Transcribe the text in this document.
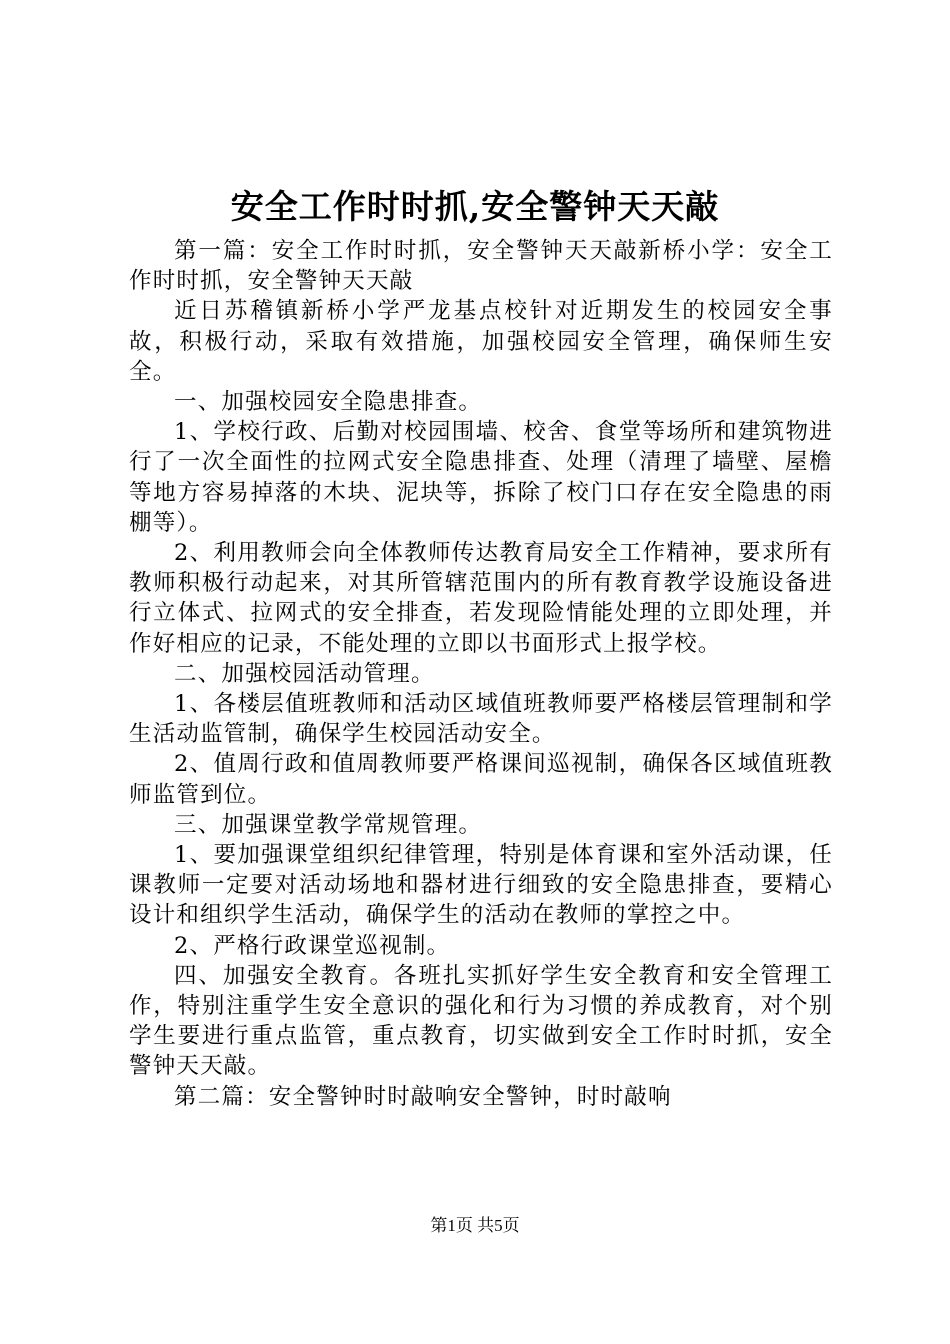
安全工作时时抓,安全警钟天天敲

第一篇：安全工作时时抓，安全警钟天天敲新桥小学：安全工作时时抓，安全警钟天天敲

近日苏稽镇新桥小学严龙基点校针对近期发生的校园安全事故，积极行动，采取有效措施，加强校园安全管理，确保师生安全。

一、加强校园安全隐患排查。

1、学校行政、后勤对校园围墙、校舍、食堂等场所和建筑物进行了一次全面性的拉网式安全隐患排查、处理（清理了墙壁、屋檐等地方容易掉落的木块、泥块等，拆除了校门口存在安全隐患的雨棚等）。

2、利用教师会向全体教师传达教育局安全工作精神，要求所有教师积极行动起来，对其所管辖范围内的所有教育教学设施设备进行立体式、拉网式的安全排查，若发现险情能处理的立即处理，并作好相应的记录，不能处理的立即以书面形式上报学校。

二、加强校园活动管理。

1、各楼层值班教师和活动区域值班教师要严格楼层管理制和学生活动监管制，确保学生校园活动安全。

2、值周行政和值周教师要严格课间巡视制，确保各区域值班教师监管到位。

三、加强课堂教学常规管理。

1、要加强课堂组织纪律管理，特别是体育课和室外活动课，任课教师一定要对活动场地和器材进行细致的安全隐患排查，要精心设计和组织学生活动，确保学生的活动在教师的掌控之中。

2、严格行政课堂巡视制。

四、加强安全教育。各班扎实抓好学生安全教育和安全管理工作，特别注重学生安全意识的强化和行为习惯的养成教育，对个别学生要进行重点监管，重点教育，切实做到安全工作时时抓，安全警钟天天敲。

第二篇：安全警钟时时敲响安全警钟，时时敲响

第1页 共5页
